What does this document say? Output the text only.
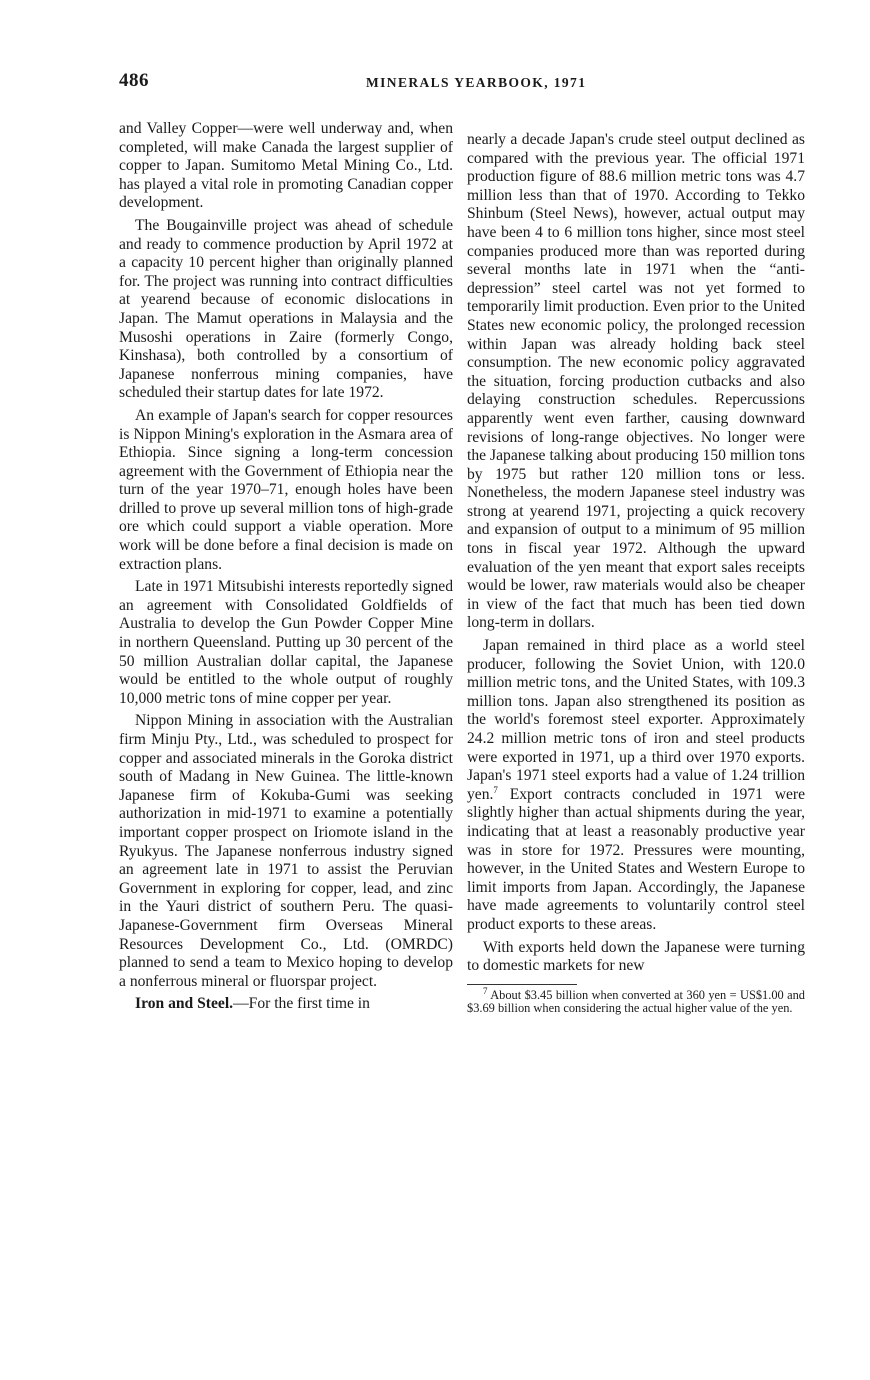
486	MINERALS YEARBOOK, 1971

and Valley Copper—were well underway and, when completed, will make Canada the largest supplier of copper to Japan. Sumitomo Metal Mining Co., Ltd. has played a vital role in promoting Canadian copper development.

The Bougainville project was ahead of schedule and ready to commence production by April 1972 at a capacity 10 percent higher than originally planned for. The project was running into contract difficulties at yearend because of economic dislocations in Japan. The Mamut operations in Malaysia and the Musoshi operations in Zaire (formerly Congo, Kinshasa), both controlled by a consortium of Japanese nonferrous mining companies, have scheduled their startup dates for late 1972.

An example of Japan's search for copper resources is Nippon Mining's exploration in the Asmara area of Ethiopia. Since signing a long-term concession agreement with the Government of Ethiopia near the turn of the year 1970–71, enough holes have been drilled to prove up several million tons of high-grade ore which could support a viable operation. More work will be done before a final decision is made on extraction plans.

Late in 1971 Mitsubishi interests reportedly signed an agreement with Consolidated Goldfields of Australia to develop the Gun Powder Copper Mine in northern Queensland. Putting up 30 percent of the 50 million Australian dollar capital, the Japanese would be entitled to the whole output of roughly 10,000 metric tons of mine copper per year.

Nippon Mining in association with the Australian firm Minju Pty., Ltd., was scheduled to prospect for copper and associated minerals in the Goroka district south of Madang in New Guinea. The little-known Japanese firm of Kokuba-Gumi was seeking authorization in mid-1971 to examine a potentially important copper prospect on Iriomote island in the Ryukyus. The Japanese nonferrous industry signed an agreement late in 1971 to assist the Peruvian Government in exploring for copper, lead, and zinc in the Yauri district of southern Peru. The quasi-Japanese-Government firm Overseas Mineral Resources Development Co., Ltd. (OMRDC) planned to send a team to Mexico hoping to develop a nonferrous mineral or fluorspar project.

Iron and Steel.—For the first time in

nearly a decade Japan's crude steel output declined as compared with the previous year. The official 1971 production figure of 88.6 million metric tons was 4.7 million less than that of 1970. According to Tekko Shinbum (Steel News), however, actual output may have been 4 to 6 million tons higher, since most steel companies produced more than was reported during several months late in 1971 when the “anti-depression” steel cartel was not yet formed to temporarily limit production. Even prior to the United States new economic policy, the prolonged recession within Japan was already holding back steel consumption. The new economic policy aggravated the situation, forcing production cutbacks and also delaying construction schedules. Repercussions apparently went even farther, causing downward revisions of long-range objectives. No longer were the Japanese talking about producing 150 million tons by 1975 but rather 120 million tons or less. Nonetheless, the modern Japanese steel industry was strong at yearend 1971, projecting a quick recovery and expansion of output to a minimum of 95 million tons in fiscal year 1972. Although the upward evaluation of the yen meant that export sales receipts would be lower, raw materials would also be cheaper in view of the fact that much has been tied down long-term in dollars.

Japan remained in third place as a world steel producer, following the Soviet Union, with 120.0 million metric tons, and the United States, with 109.3 million tons. Japan also strengthened its position as the world's foremost steel exporter. Approximately 24.2 million metric tons of iron and steel products were exported in 1971, up a third over 1970 exports. Japan's 1971 steel exports had a value of 1.24 trillion yen.$^7$ Export contracts concluded in 1971 were slightly higher than actual shipments during the year, indicating that at least a reasonably productive year was in store for 1972. Pressures were mounting, however, in the United States and Western Europe to limit imports from Japan. Accordingly, the Japanese have made agreements to voluntarily control steel product exports to these areas.

With exports held down the Japanese were turning to domestic markets for new

$^7$ About $3.45 billion when converted at 360 yen = US$1.00 and $3.69 billion when considering the actual higher value of the yen.
